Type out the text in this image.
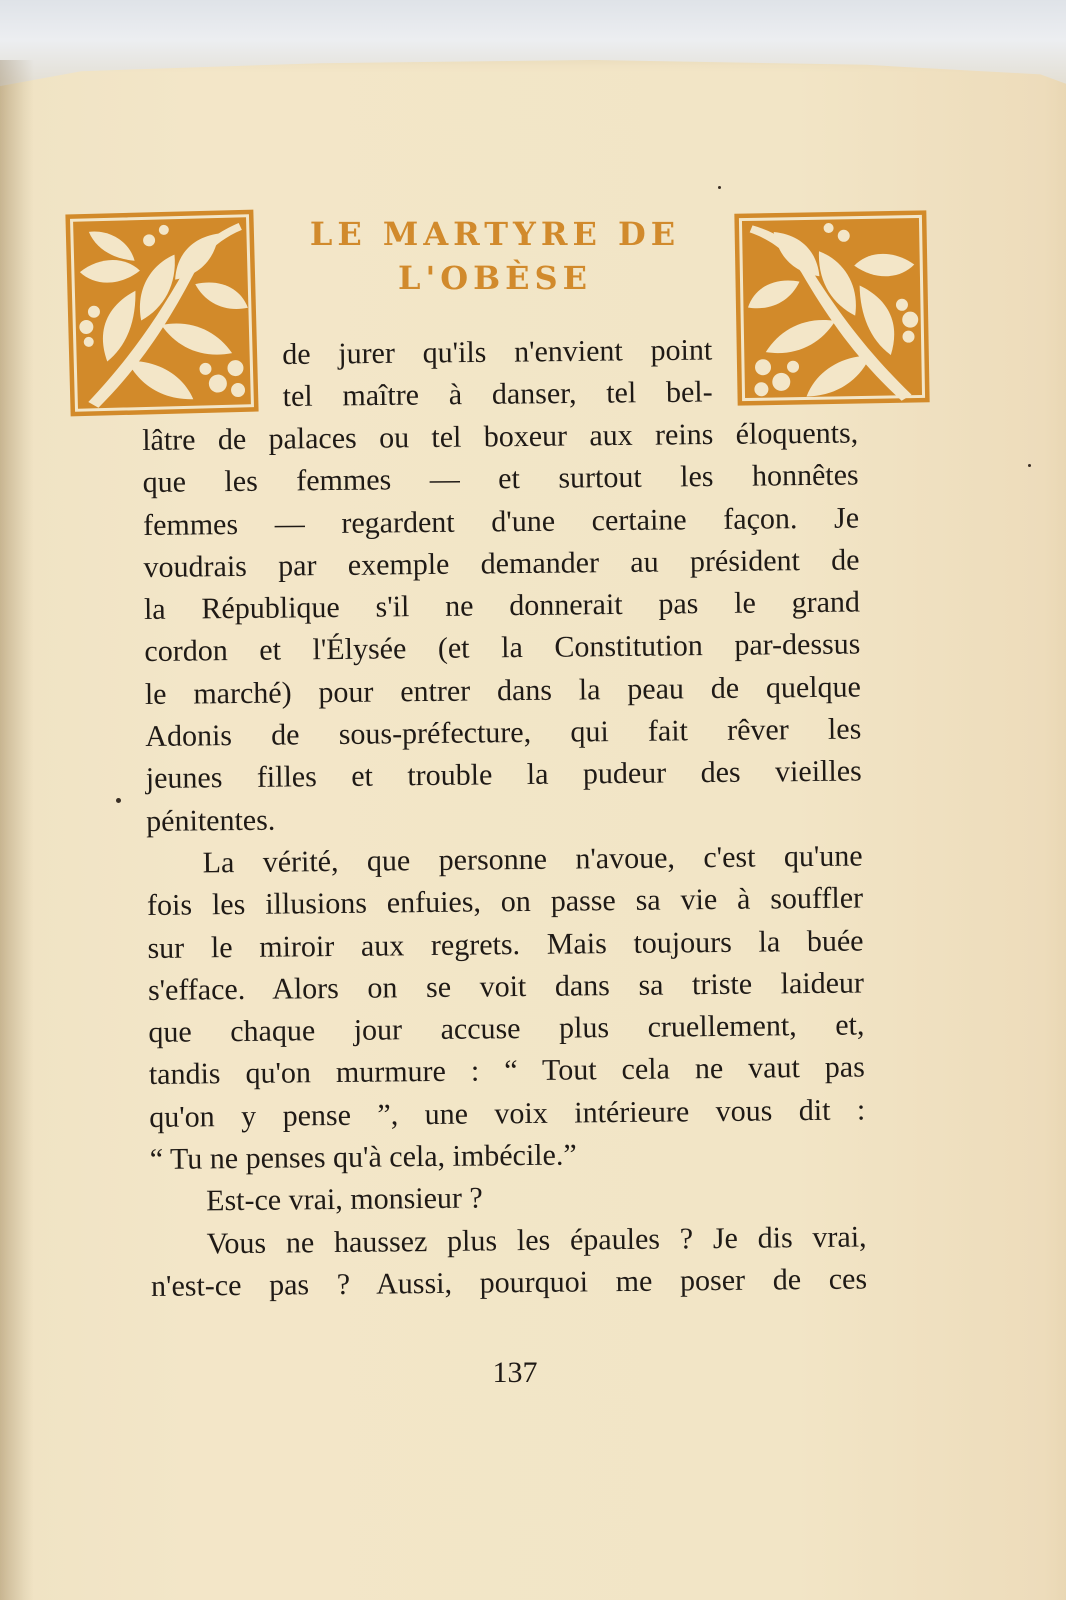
LE MARTYRE DE
L'OBÈSE
de jurer qu'ils n'envient point
tel maître à danser, tel bel-
lâtre de palaces ou tel boxeur aux reins éloquents,
que les femmes — et surtout les honnêtes
femmes — regardent d'une certaine façon. Je
voudrais par exemple demander au président de
la République s'il ne donnerait pas le grand
cordon et l'Élysée (et la Constitution par-dessus
le marché) pour entrer dans la peau de quelque
Adonis de sous-préfecture, qui fait rêver les
jeunes filles et trouble la pudeur des vieilles
pénitentes.
La vérité, que personne n'avoue, c'est qu'une
fois les illusions enfuies, on passe sa vie à souffler
sur le miroir aux regrets. Mais toujours la buée
s'efface. Alors on se voit dans sa triste laideur
que chaque jour accuse plus cruellement, et,
tandis qu'on murmure : “ Tout cela ne vaut pas
qu'on y pense ”, une voix intérieure vous dit :
“ Tu ne penses qu'à cela, imbécile.”
Est-ce vrai, monsieur ?
Vous ne haussez plus les épaules ? Je dis vrai,
n'est-ce pas ? Aussi, pourquoi me poser de ces
137
